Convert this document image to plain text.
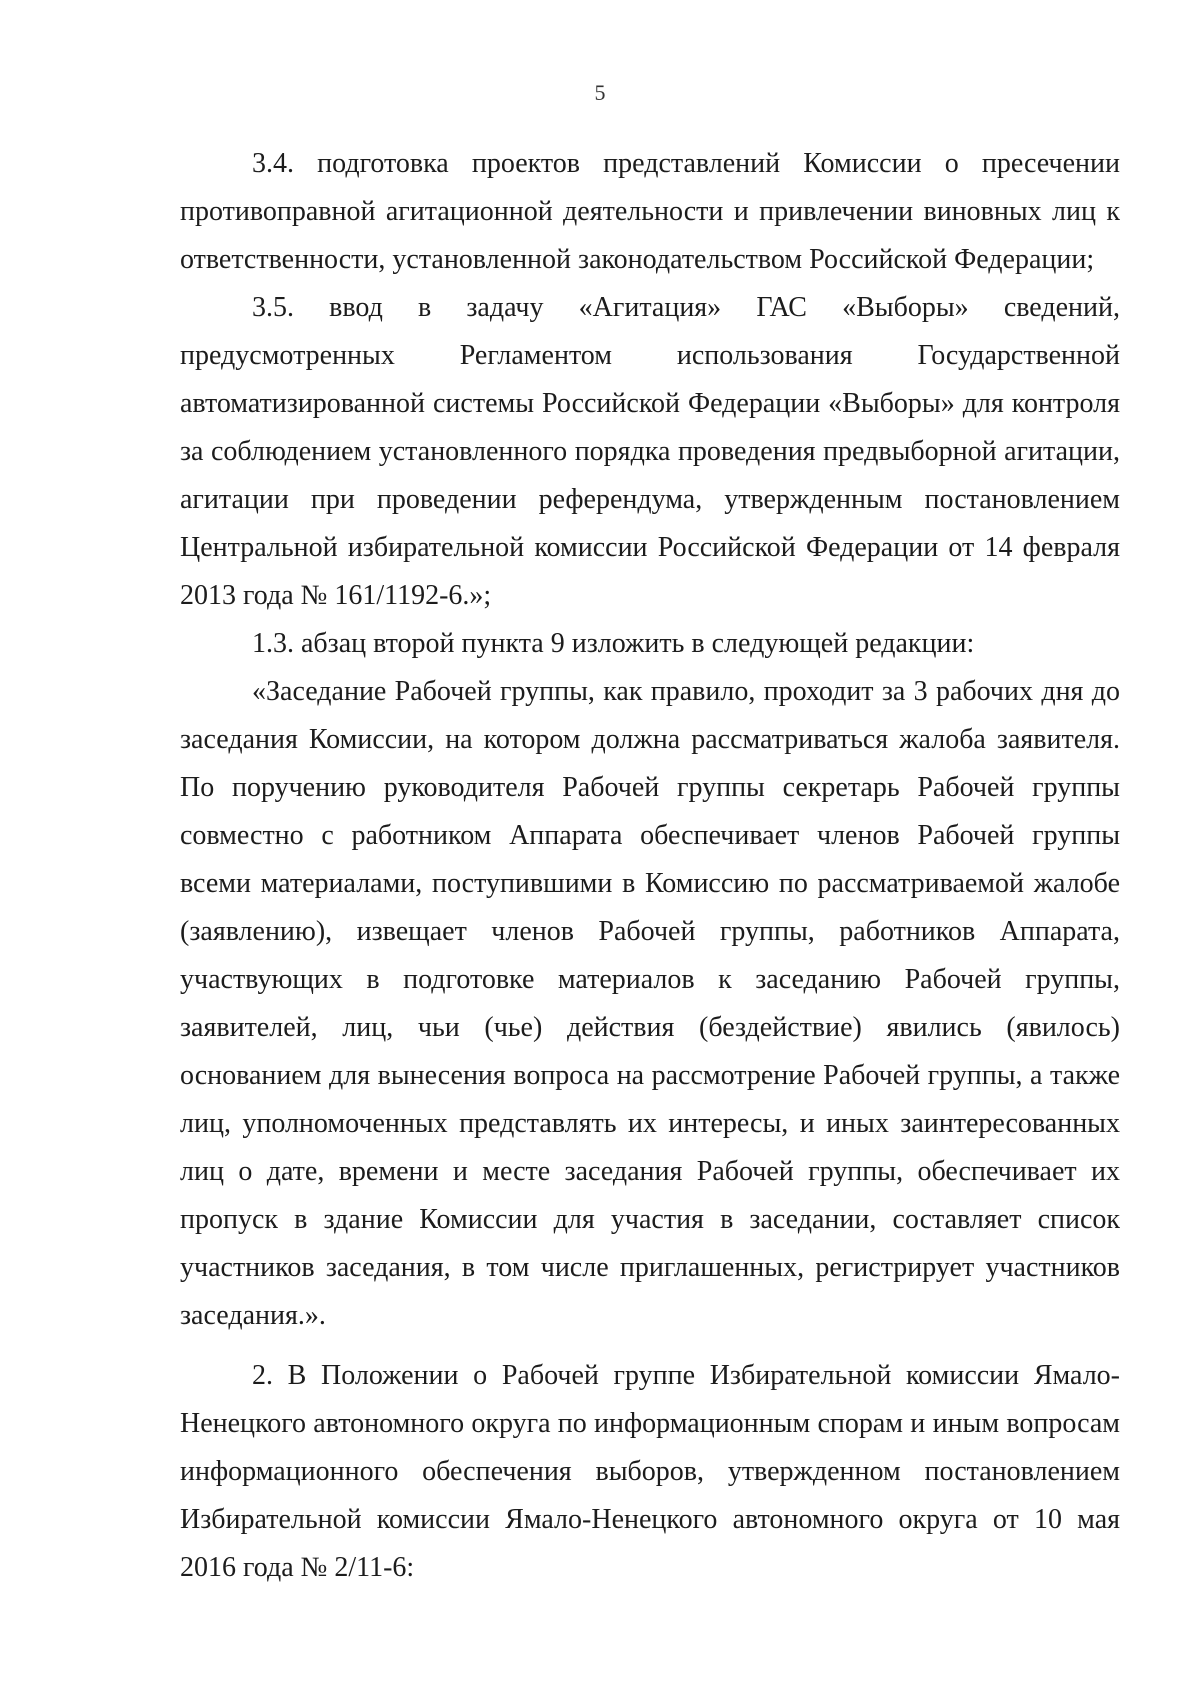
5

3.4. подготовка проектов представлений Комиссии о пресечении противоправной агитационной деятельности и привлечении виновных лиц к ответственности, установленной законодательством Российской Федерации;

3.5. ввод в задачу «Агитация» ГАС «Выборы» сведений, предусмотренных Регламентом использования Государственной автоматизированной системы Российской Федерации «Выборы» для контроля за соблюдением установленного порядка проведения предвыборной агитации, агитации при проведении референдума, утвержденным постановлением Центральной избирательной комиссии Российской Федерации от 14 февраля 2013 года № 161/1192-6.»;

1.3. абзац второй пункта 9 изложить в следующей редакции:

«Заседание Рабочей группы, как правило, проходит за 3 рабочих дня до заседания Комиссии, на котором должна рассматриваться жалоба заявителя. По поручению руководителя Рабочей группы секретарь Рабочей группы совместно с работником Аппарата обеспечивает членов Рабочей группы всеми материалами, поступившими в Комиссию по рассматриваемой жалобе (заявлению), извещает членов Рабочей группы, работников Аппарата, участвующих в подготовке материалов к заседанию Рабочей группы, заявителей, лиц, чьи (чье) действия (бездействие) явились (явилось) основанием для вынесения вопроса на рассмотрение Рабочей группы, а также лиц, уполномоченных представлять их интересы, и иных заинтересованных лиц о дате, времени и месте заседания Рабочей группы, обеспечивает их пропуск в здание Комиссии для участия в заседании, составляет список участников заседания, в том числе приглашенных, регистрирует участников заседания.».

2. В Положении о Рабочей группе Избирательной комиссии Ямало-Ненецкого автономного округа по информационным спорам и иным вопросам информационного обеспечения выборов, утвержденном постановлением Избирательной комиссии Ямало-Ненецкого автономного округа от 10 мая 2016 года № 2/11-6:
